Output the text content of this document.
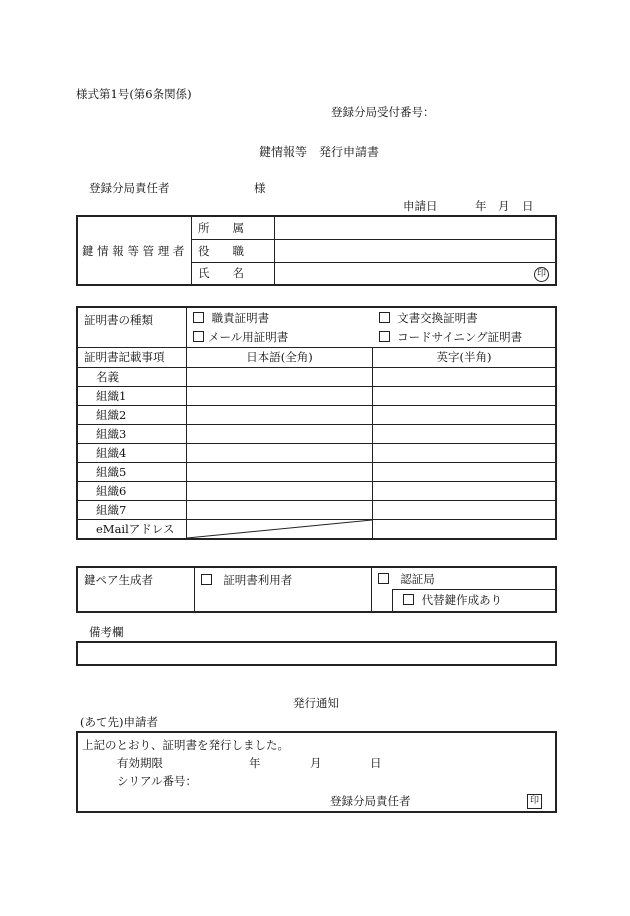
様式第1号(第6条関係)
登録分局受付番号：
鍵情報等　発行申請書
登録分局責任者	様
申請日	年 月 日
鍵 情 報 等 管 理 者	所　　属	
	役　　職	
	氏　　名	印
証明書の種類	職責証明書	文書交換証明書
	メール用証明書	コードサイニング証明書
証明書記載事項	日本語(全角)	英字(半角)
名義		
組織1		
組織2		
組織3		
組織4		
組織5		
組織6		
組織7		
eMailアドレス	

鍵ペア生成者	証明書利用者	認証局

代替鍵作成あり
備考欄
発行通知
(あて先)申請者
上記のとおり、証明書を発行しました。
有効期限	年	月	日
シリアル番号：
登録分局責任者	印
